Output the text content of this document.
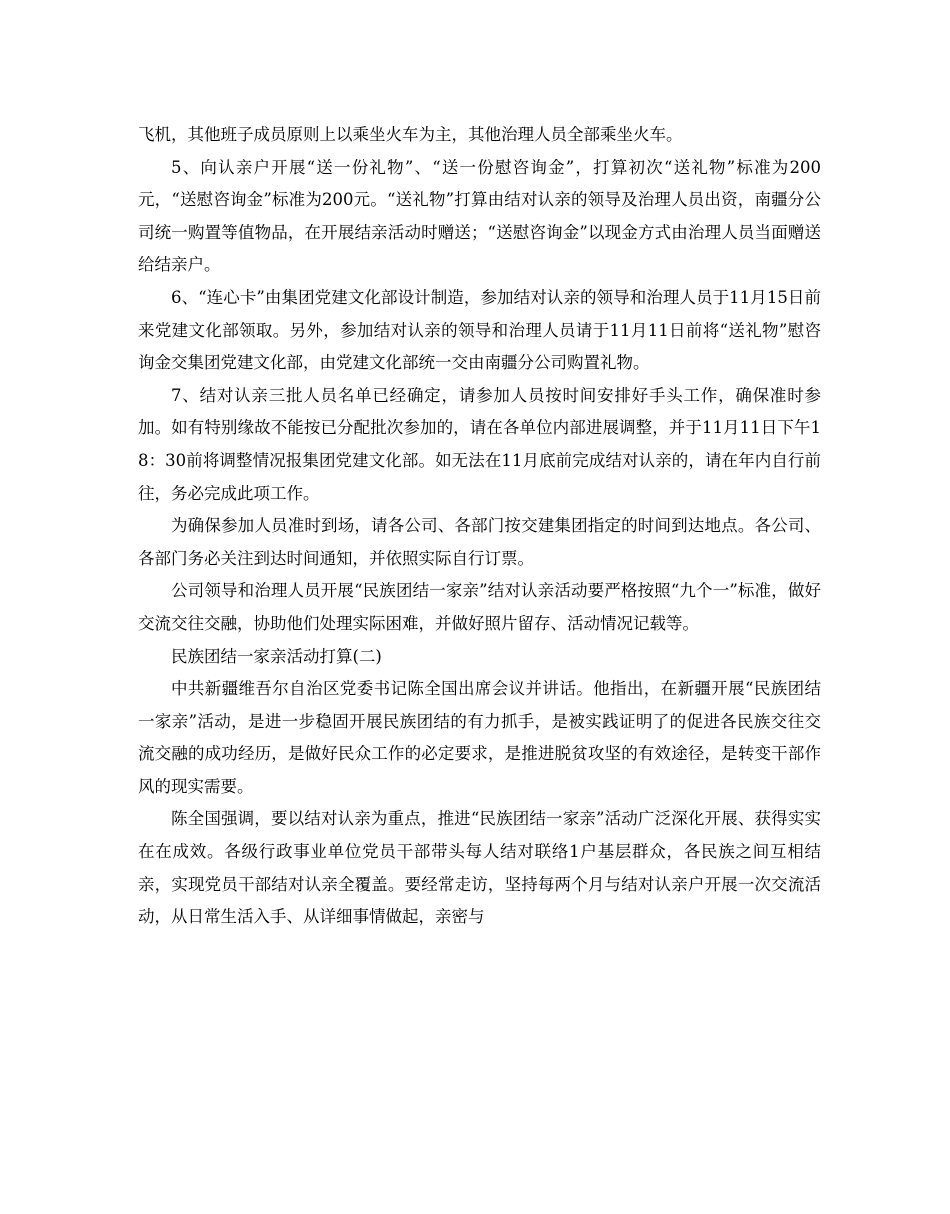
飞机，其他班子成员原则上以乘坐火车为主，其他治理人员全部乘坐火车。

5、向认亲户开展“送一份礼物”、“送一份慰咨询金”，打算初次“送礼物”标准为200元，“送慰咨询金”标准为200元。“送礼物”打算由结对认亲的领导及治理人员出资，南疆分公司统一购置等值物品，在开展结亲活动时赠送；“送慰咨询金”以现金方式由治理人员当面赠送给结亲户。

6、“连心卡”由集团党建文化部设计制造，参加结对认亲的领导和治理人员于11月15日前来党建文化部领取。另外，参加结对认亲的领导和治理人员请于11月11日前将“送礼物”慰咨询金交集团党建文化部，由党建文化部统一交由南疆分公司购置礼物。

7、结对认亲三批人员名单已经确定，请参加人员按时间安排好手头工作，确保准时参加。如有特别缘故不能按已分配批次参加的，请在各单位内部进展调整，并于11月11日下午18：30前将调整情况报集团党建文化部。如无法在11月底前完成结对认亲的，请在年内自行前往，务必完成此项工作。

为确保参加人员准时到场，请各公司、各部门按交建集团指定的时间到达地点。各公司、各部门务必关注到达时间通知，并依照实际自行订票。

公司领导和治理人员开展“民族团结一家亲”结对认亲活动要严格按照“九个一”标准，做好交流交往交融，协助他们处理实际困难，并做好照片留存、活动情况记载等。

民族团结一家亲活动打算(二)

中共新疆维吾尔自治区党委书记陈全国出席会议并讲话。他指出，在新疆开展“民族团结一家亲”活动，是进一步稳固开展民族团结的有力抓手，是被实践证明了的促进各民族交往交流交融的成功经历，是做好民众工作的必定要求，是推进脱贫攻坚的有效途径，是转变干部作风的现实需要。

陈全国强调，要以结对认亲为重点，推进“民族团结一家亲”活动广泛深化开展、获得实实在在成效。各级行政事业单位党员干部带头每人结对联络1户基层群众，各民族之间互相结亲，实现党员干部结对认亲全覆盖。要经常走访，坚持每两个月与结对认亲户开展一次交流活动，从日常生活入手、从详细事情做起，亲密与
